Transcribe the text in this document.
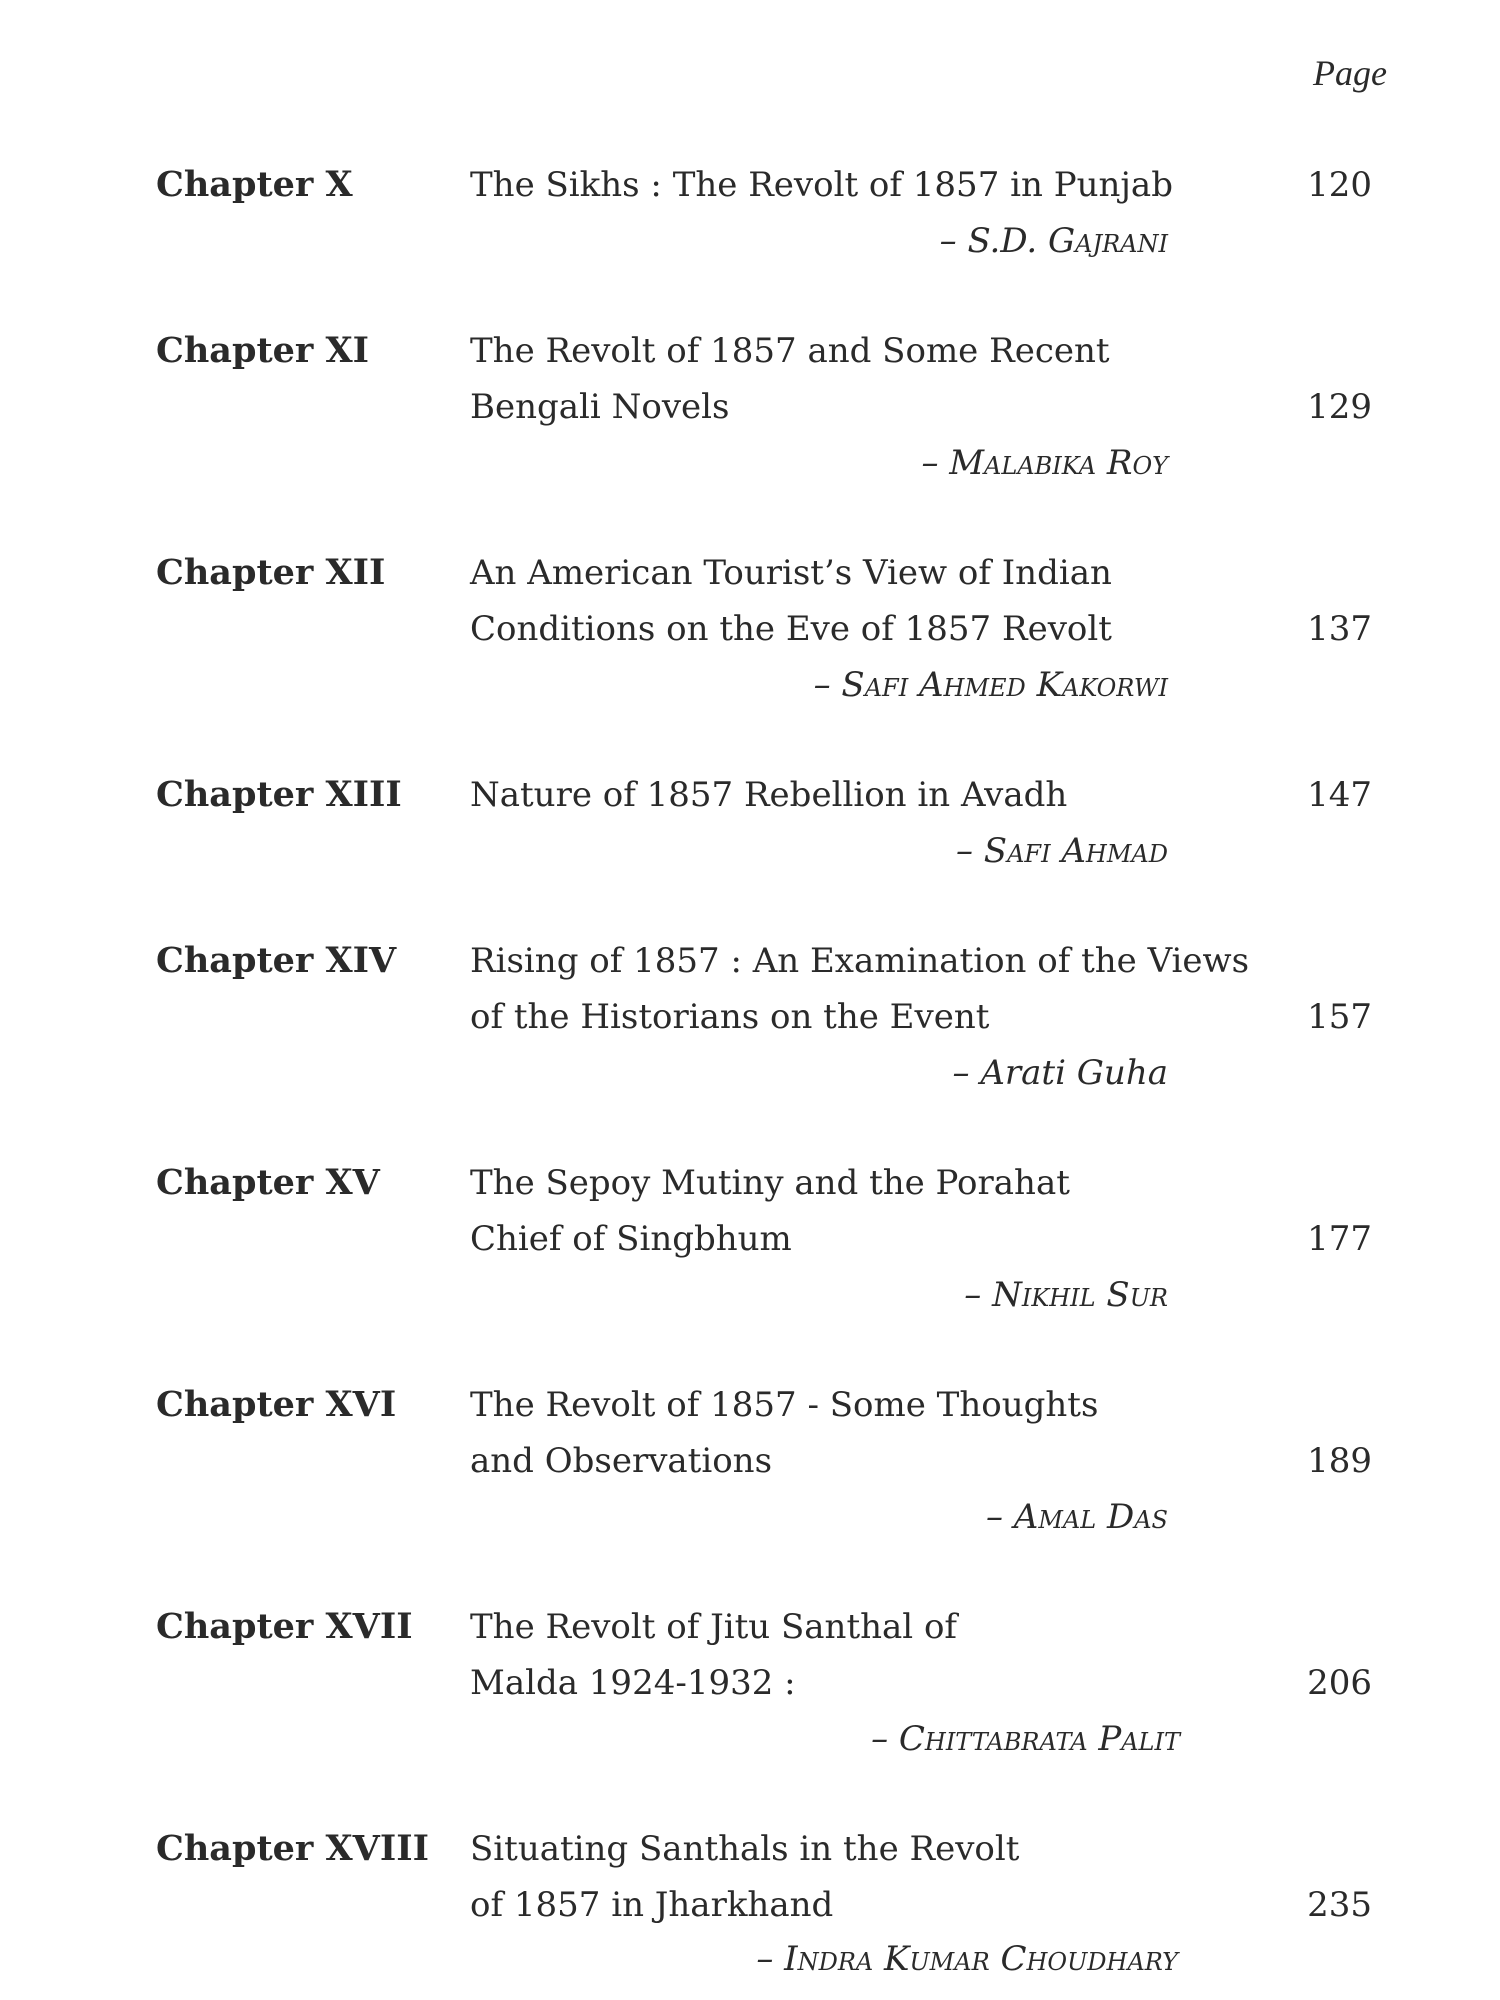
Page
Chapter X	The Sikhs : The Revolt of 1857 in Punjab	120
– S.D. Gajrani
Chapter XI	The Revolt of 1857 and Some Recent
Bengali Novels	129
– Malabika Roy
Chapter XII An American Tourist’s View of Indian
Conditions on the Eve of 1857 Revolt	137
– Safi Ahmed Kakorwi
Chapter XIII Nature of 1857 Rebellion in Avadh	147
– Safi Ahmad
Chapter XIV Rising of 1857 : An Examination of the Views
of the Historians on the Event	157
– Arati Guha
Chapter XV	The Sepoy Mutiny and the Porahat
Chief of Singbhum	177
– Nikhil Sur
Chapter XVI The Revolt of 1857 - Some Thoughts
and Observations	189
– Amal Das
Chapter XVII The Revolt of Jitu Santhal of
Malda 1924-1932 :	206
– Chittabrata Palit
Chapter XVIII Situating Santhals in the Revolt
of 1857 in Jharkhand	235
– Indra Kumar Choudhary
